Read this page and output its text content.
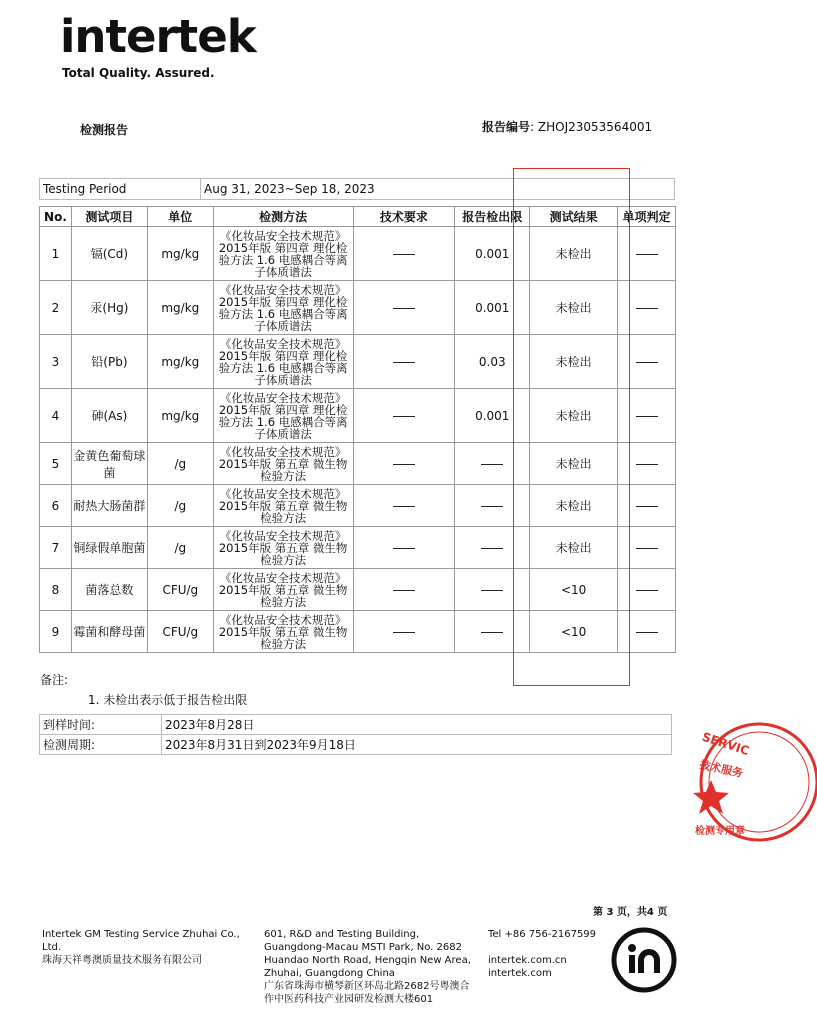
intertek
Total Quality. Assured.
检测报告	报告编号: ZHOJ23053564001
Testing Period	Aug 31, 2023~Sep 18, 2023
No.	测试项目	单位	检测方法	技术要求	报告检出限	测试结果	单项判定
1	镉(Cd)	mg/kg	《化妆品安全技术规范》2015年版 第四章 理化检验方法 1.6 电感耦合等离子体质谱法		0.001	未检出	
2	汞(Hg)	mg/kg	《化妆品安全技术规范》2015年版 第四章 理化检验方法 1.6 电感耦合等离子体质谱法		0.001	未检出	
3	铅(Pb)	mg/kg	《化妆品安全技术规范》2015年版 第四章 理化检验方法 1.6 电感耦合等离子体质谱法		0.03	未检出	
4	砷(As)	mg/kg	《化妆品安全技术规范》2015年版 第四章 理化检验方法 1.6 电感耦合等离子体质谱法		0.001	未检出	
5	金黄色葡萄球菌	/g	《化妆品安全技术规范》2015年版 第五章 微生物检验方法			未检出	
6	耐热大肠菌群	/g	《化妆品安全技术规范》2015年版 第五章 微生物检验方法			未检出	
7	铜绿假单胞菌	/g	《化妆品安全技术规范》2015年版 第五章 微生物检验方法			未检出	
8	菌落总数	CFU/g	《化妆品安全技术规范》2015年版 第五章 微生物检验方法			<10	
9	霉菌和酵母菌	CFU/g	《化妆品安全技术规范》2015年版 第五章 微生物检验方法			<10	
备注:
1. 未检出表示低于报告检出限
到样时间:	2023年8月28日
检测周期:	2023年8月31日到2023年9月18日	SERVIC
技术服务
检测专用章
第 3 页，共4 页
Intertek GM Testing Service Zhuhai Co., Ltd.
珠海天祥粤澳质量技术服务有限公司
601, R&D and Testing Building, Guangdong-Macau MSTI Park, No. 2682 Huandao North Road, Hengqin New Area, Zhuhai, Guangdong China
广东省珠海市横琴新区环岛北路2682号粤澳合作中医药科技产业园研发检测大楼601
Tel +86 756-2167599
intertek.com.cn
intertek.com
